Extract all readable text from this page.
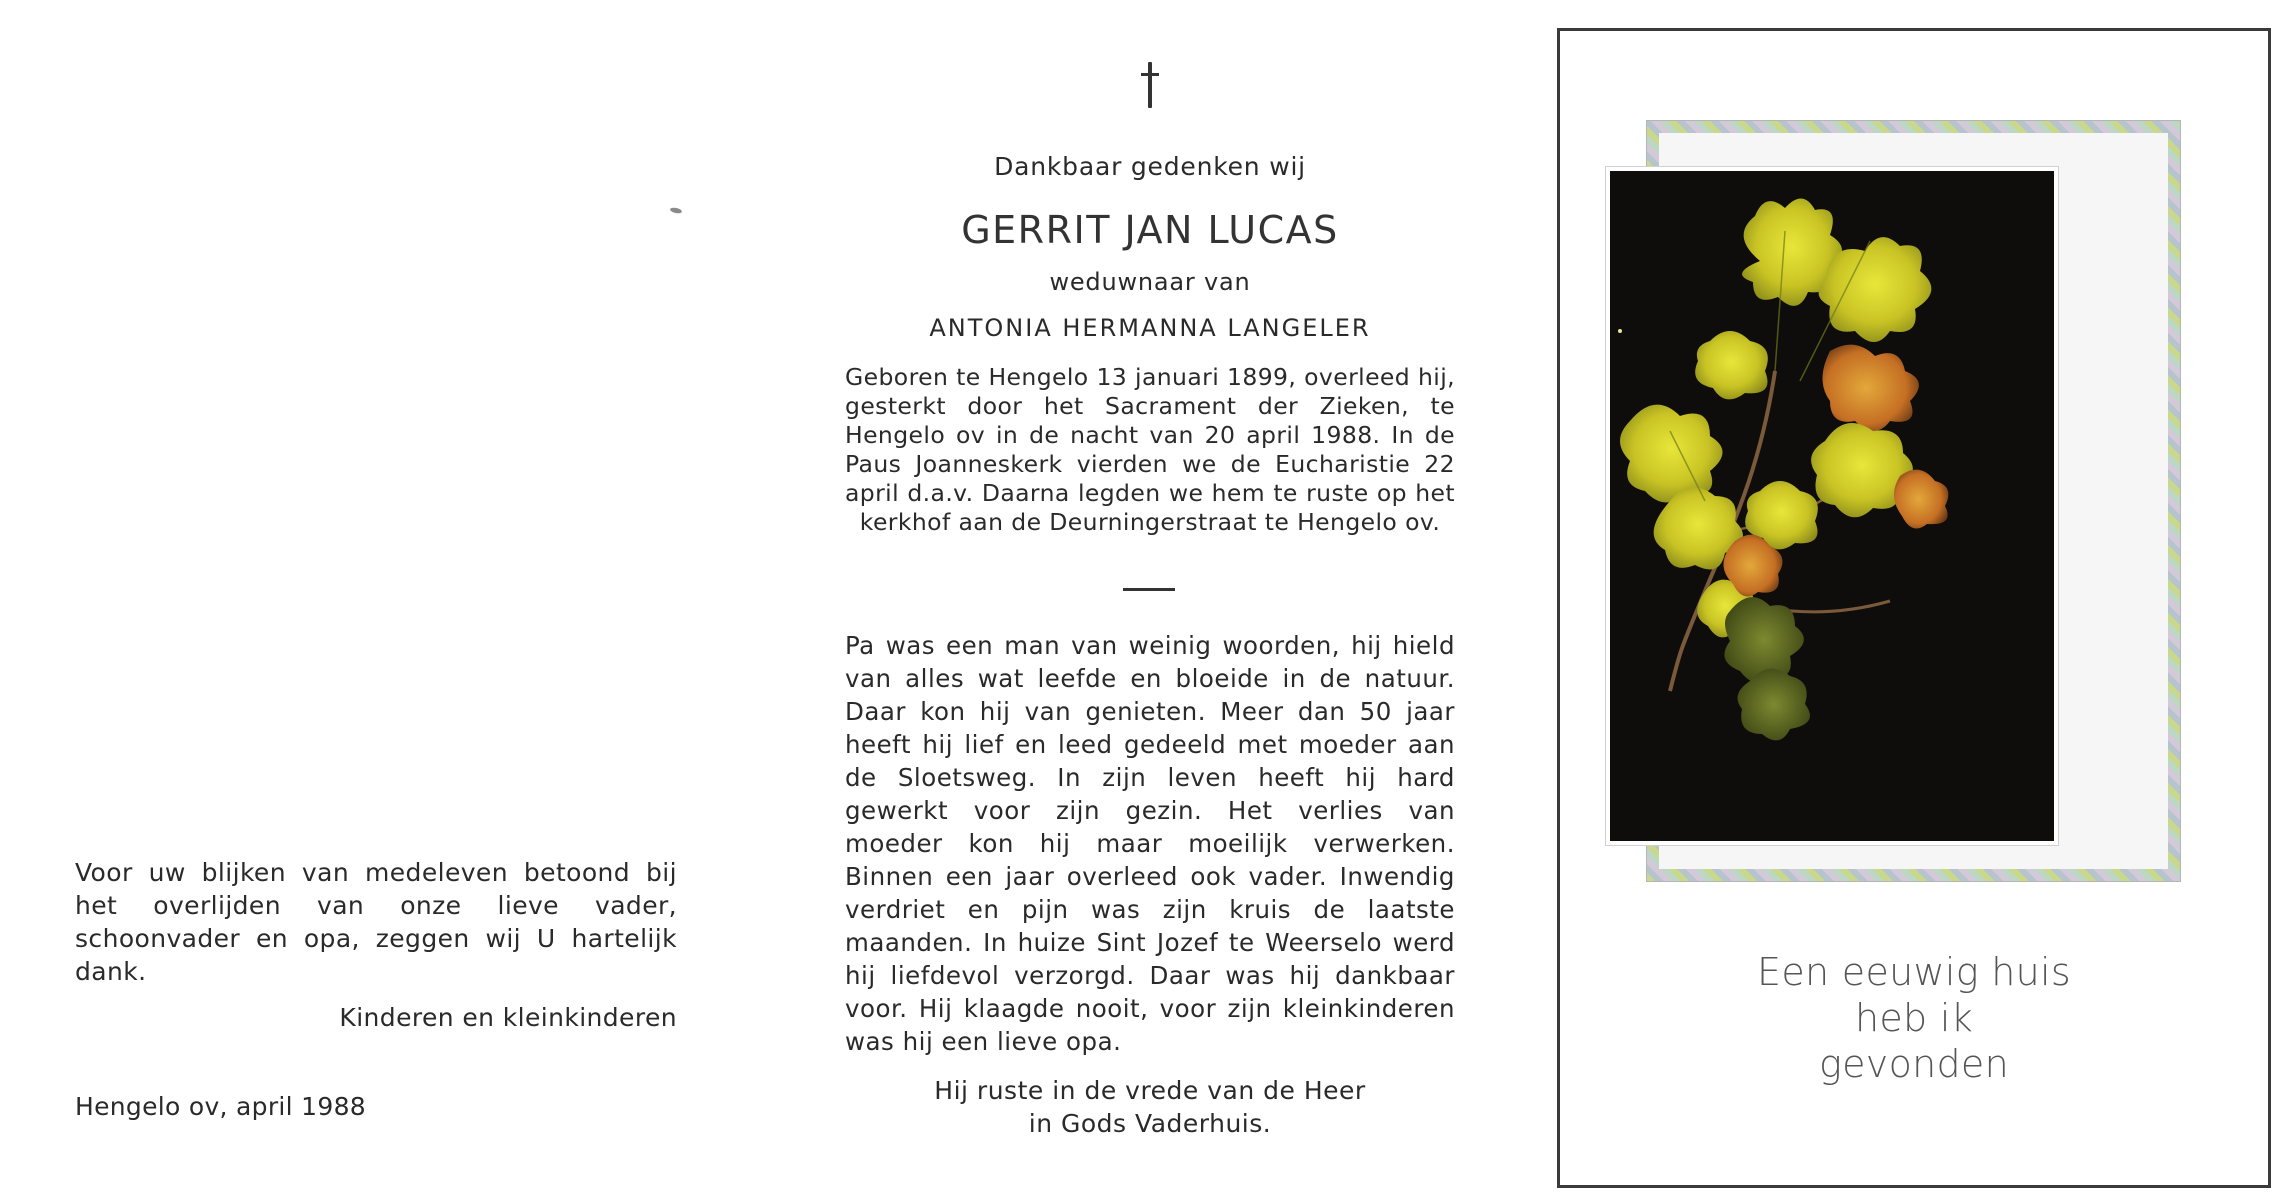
Voor uw blijken van medeleven betoond bij het overlijden van onze lieve vader, schoonvader en opa, zeggen wij U hartelijk dank.
Kinderen en kleinkinderen
Hengelo ov, april 1988
Dankbaar gedenken wij
GERRIT JAN LUCAS
weduwnaar van
ANTONIA HERMANNA LANGELER
Geboren te Hengelo 13 januari 1899, overleed hij, gesterkt door het Sacrament der Zieken, te Hengelo ov in de nacht van 20 april 1988. In de Paus Joanneskerk vierden we de Eucharistie 22 april d.a.v. Daarna legden we hem te ruste op het kerkhof aan de Deurningerstraat te Hengelo ov.
Pa was een man van weinig woorden, hij hield van alles wat leefde en bloeide in de natuur. Daar kon hij van genieten. Meer dan 50 jaar heeft hij lief en leed gedeeld met moeder aan de Sloetsweg. In zijn leven heeft hij hard gewerkt voor zijn gezin. Het verlies van moeder kon hij maar moeilijk verwerken. Binnen een jaar overleed ook vader. Inwendig verdriet en pijn was zijn kruis de laatste maanden. In huize Sint Jozef te Weerselo werd hij liefdevol verzorgd. Daar was hij dankbaar voor. Hij klaagde nooit, voor zijn kleinkinderen was hij een lieve opa.
Hij ruste in de vrede van de Heer
in Gods Vaderhuis.
Een eeuwig huis
heb ik
gevonden
